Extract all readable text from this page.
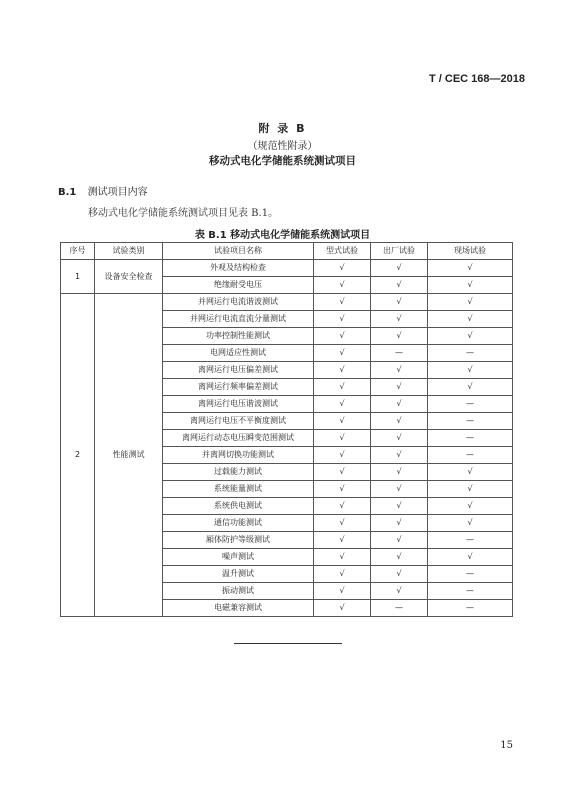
T / CEC 168—2018
附 录 B
（规范性附录）
移动式电化学储能系统测试项目
B.1 测试项目内容
移动式电化学储能系统测试项目见表 B.1。
表 B.1 移动式电化学储能系统测试项目
序号	试验类别	试验项目名称	型式试验	出厂试验	现场试验
1	设备安全检查	外观及结构检查	√	√	√
		绝缘耐受电压	√	√	√
2	性能测试	并网运行电流谐波测试	√	√	√
		并网运行电流直流分量测试	√	√	√
		功率控制性能测试	√	√	√
		电网适应性测试	√	—	—
		离网运行电压偏差测试	√	√	√
		离网运行频率偏差测试	√	√	√
		离网运行电压谐波测试	√	√	—
		离网运行电压不平衡度测试	√	√	—
		离网运行动态电压瞬变范围测试	√	√	—
		并离网切换功能测试	√	√	—
		过载能力测试	√	√	√
		系统能量测试	√	√	√
		系统供电测试	√	√	√
		通信功能测试	√	√	√
		厢体防护等级测试	√	√	—
		噪声测试	√	√	√
		温升测试	√	√	—
		振动测试	√	√	—
		电磁兼容测试	√	—	—
15
